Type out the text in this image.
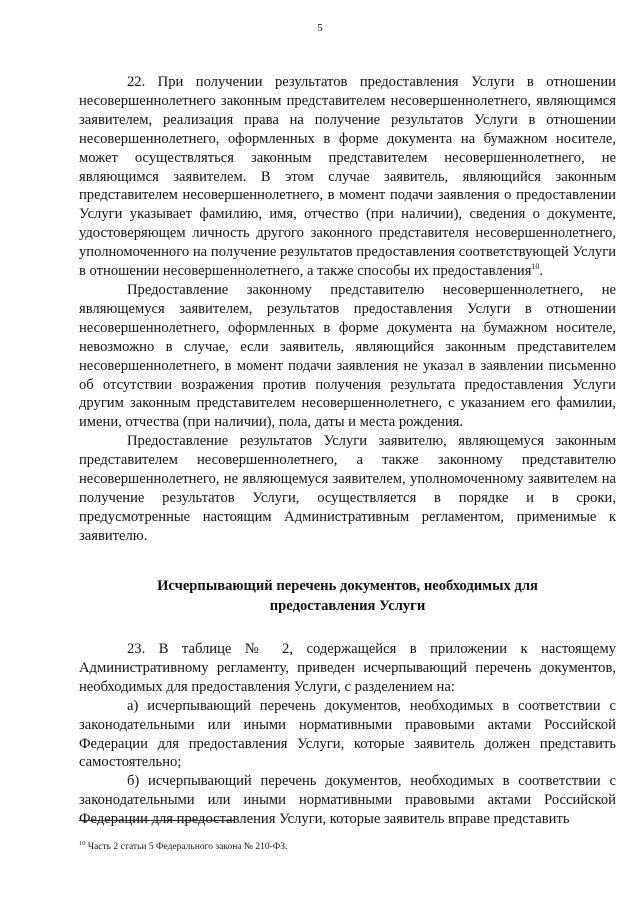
5

22. При получении результатов предоставления Услуги в отношении несовершеннолетнего законным представителем несовершеннолетнего, являющимся заявителем, реализация права на получение результатов Услуги в отношении несовершеннолетнего, оформленных в форме документа на бумажном носителе, может осуществляться законным представителем несовершеннолетнего, не являющимся заявителем. В этом случае заявитель, являющийся законным представителем несовершеннолетнего, в момент подачи заявления о предоставлении Услуги указывает фамилию, имя, отчество (при наличии), сведения о документе, удостоверяющем личность другого законного представителя несовершеннолетнего, уполномоченного на получение результатов предоставления соответствующей Услуги в отношении несовершеннолетнего, а также способы их предоставления$^{10}$.

Предоставление законному представителю несовершеннолетнего, не являющемуся заявителем, результатов предоставления Услуги в отношении несовершеннолетнего, оформленных в форме документа на бумажном носителе, невозможно в случае, если заявитель, являющийся законным представителем несовершеннолетнего, в момент подачи заявления не указал в заявлении письменно об отсутствии возражения против получения результата предоставления Услуги другим законным представителем несовершеннолетнего, с указанием его фамилии, имени, отчества (при наличии), пола, даты и места рождения.

Предоставление результатов Услуги заявителю, являющемуся законным представителем несовершеннолетнего, а также законному представителю несовершеннолетнего, не являющемуся заявителем, уполномоченному заявителем на получение результатов Услуги, осуществляется в порядке и в сроки, предусмотренные настоящим Административным регламентом, применимые к заявителю.

Исчерпывающий перечень документов, необходимых для
предоставления Услуги

23. В таблице № 2, содержащейся в приложении к настоящему Административному регламенту, приведен исчерпывающий перечень документов, необходимых для предоставления Услуги, с разделением на:

а) исчерпывающий перечень документов, необходимых в соответствии с законодательными или иными нормативными правовыми актами Российской Федерации для предоставления Услуги, которые заявитель должен представить самостоятельно;

б) исчерпывающий перечень документов, необходимых в соответствии с законодательными или иными нормативными правовыми актами Российской Федерации для предоставления Услуги, которые заявитель вправе представить

$^{10}$ Часть 2 статьи 5 Федерального закона № 210-ФЗ.
